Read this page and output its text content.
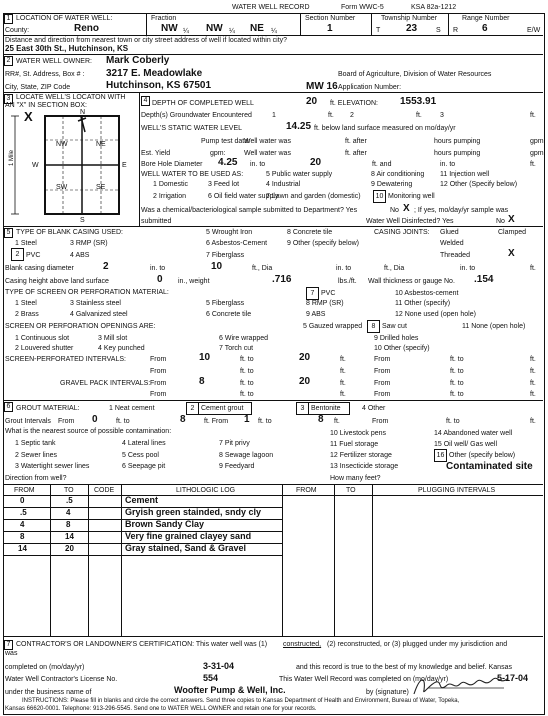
WATER WELL RECORD	Form WWC-5	KSA 82a-1212
1 LOCATION OF WATER WELL:
County:	Reno
Fraction
NW ¼ NW ¼ NE ¼
Section Number
1
Township Number
T	23	S
Range Number
R 6	E/W
Distance and direction from nearest town or city street address of well if located within city?
25 East 30th St., Hutchinson, KS
2 WATER WELL OWNER: Mark Coberly
RR#, St. Address, Box # : 3217 E. Meadowlake	Board of Agriculture, Division of Water Resources
City, State, ZIP Code	Hutchinson, KS 67501	MW 16 Application Number:
3 LOCATE WELL'S LOCATON WITH
AN "X" IN SECTION BOX:
X	N
S
W	E
NW	NE
SW	SE
1 Mile
4 DEPTH OF COMPLETED WELL	20 ft. ELEVATION: 1553.91
Depth(s) Groundwater Encountered	1	ft. 2	ft.	3	ft.
WELL'S STATIC WATER LEVEL	14.25 ft. below land surface measured on mo/day/yr
Pump test data:
Well water was	ft. after	hours pumping	gpm
Est. Yield	gpm:	Well water was	ft. after	hours pumping	gpm
Bore Hole Diameter 4.25 in. to	20	ft. and	in. to	ft.
WELL WATER TO BE USED AS:	5 Public water supply	8 Air conditioning 11 Injection well
1 Domestic	3 Feed lot	4 Industrial	9 Dewatering	12 Other (Specify below)
2 Irrigation	6 Oil field water supply
7 Lawn and garden (domestic)	10 Monitoring well
Was a chemical/bacteriological sample submitted to Department? Yes	No X ; If yes, mo/day/yr sample was
submitted	Water Well Disinfected? Yes	No X
5 TYPE OF BLANK CASING USED:	5 Wrought Iron	8 Concrete tile	CASING JOINTS: Glued	Clamped
1 Steel	3 RMP (SR)	6 Asbestos-Cement	9 Other (specify below)	Welded
2 PVC	4 ABS	7 Fiberglass	Threaded	X
Blank casing diameter	2	in. to	10	ft., Dia	in. to	ft., Dia	in. to	ft.
Casing height above land surface	0 in., weight	.716	lbs./ft. Wall thickness or gauge No. .154
TYPE OF SCREEN OR PERFORATION MATERIAL:	7 PVC	10 Asbestos-cement
1 Steel	3 Stainless steel	5 Fiberglass	8 RMP (SR)	11 Other (specify)
2 Brass	4 Galvanized steel	6 Concrete tile	9 ABS	12 None used (open hole)
SCREEN OR PERFORATION OPENINGS ARE:	5 Gauzed wrapped	8 Saw cut	11 None (open hole)
1 Continuous slot	3 Mill slot	6 Wire wrapped	9 Drilled holes
2 Louvered shutter	4 Key punched	7 Torch cut	10 Other (specify)
SCREEN-PERFORATED INTERVALS:	From	10	ft. to	20	ft.	From	ft. to	ft.
From	ft. to	ft.	From	ft. to	ft.
GRAVEL PACK INTERVALS: From	8	ft. to	20	ft.	From	ft. to	ft.
From	ft. to	ft.	From	ft. to	ft.
6 GROUT MATERIAL:	1 Neat cement	2 Cement grout	3 Bentonite	4 Other
Grout Intervals From 0	ft. to	8	ft. From 1 ft. to	8 ft.	From	ft. to	ft.
What is the nearest source of possible contamination:
1 Septic tank	4 Lateral lines	7 Pit privy
10 Livestock pens	14 Abandoned water well
2 Sewer lines	5 Cess pool	8 Sewage lagoon
11 Fuel storage	15 Oil well/ Gas well
3 Watertight sewer lines	6 Seepage pit	9 Feedyard
12 Fertilizer storage
13 Insecticide storage
16 Other (specify below)
Contaminated site
Direction from well?	How many feet?
FROM	TO	CODE	LITHOLOGIC LOG	FROM	TO	PLUGGING INTERVALS
0	.5	Cement
.5	4	Gryish green stainded, sndy cly
4	8	Brown Sandy Clay
8	14	Very fine grained clayey sand
14	20	Gray stained, Sand & Gravel
7 CONTRACTOR'S OR LANDOWNER'S CERTIFICATION: This water well was (1) constructed, (2) reconstructed, or (3) plugged under my jurisdiction and
was
completed on (mo/day/yr)	3-31-04	and this record is true to the best of my knowledge and belief. Kansas
Water Well Contractor's License No.	554	This Water Well Record was completed on (mo/day/yr)	5-17-04
under the business name of	Woofter Pump & Well, Inc.	by (signature)
INSTRUCTIONS: Please fill in blanks and circle the correct answers. Send three copies to Kansas Department of Health and Environment, Bureau of Water, Topeka,
Kansas 66620-0001. Telephone: 913-296-5545. Send one to WATER WELL OWNER and retain one for your records.
